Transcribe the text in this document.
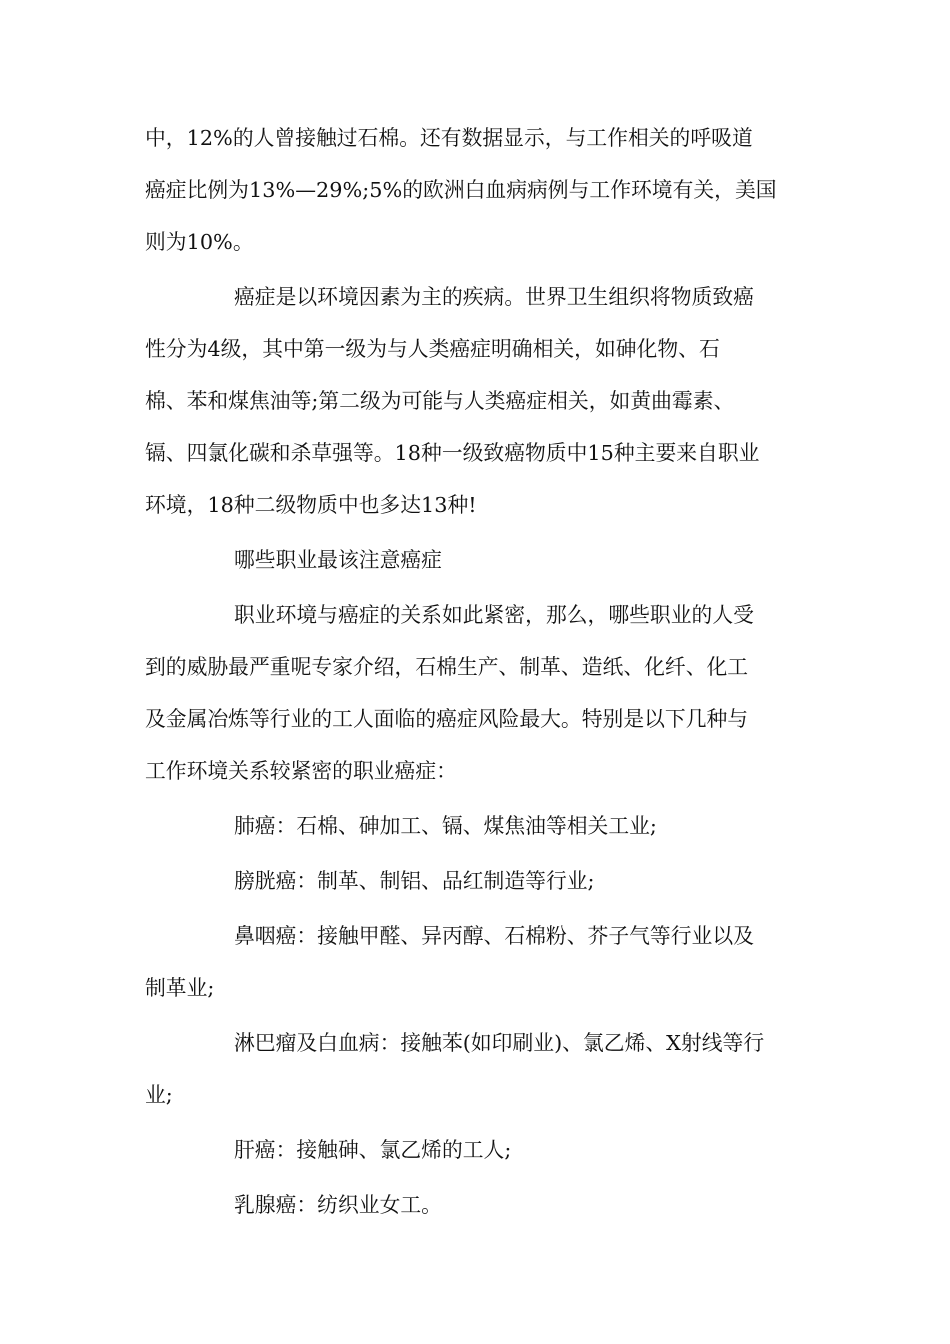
中，12%的人曾接触过石棉。还有数据显示，与工作相关的呼吸道
癌症比例为13%—29%;5%的欧洲白血病病例与工作环境有关，美国
则为10%。

癌症是以环境因素为主的疾病。世界卫生组织将物质致癌
性分为4级，其中第一级为与人类癌症明确相关，如砷化物、石
棉、苯和煤焦油等;第二级为可能与人类癌症相关，如黄曲霉素、
镉、四氯化碳和杀草强等。18种一级致癌物质中15种主要来自职业
环境，18种二级物质中也多达13种!

哪些职业最该注意癌症

职业环境与癌症的关系如此紧密，那么，哪些职业的人受
到的威胁最严重呢专家介绍，石棉生产、制革、造纸、化纤、化工
及金属冶炼等行业的工人面临的癌症风险最大。特别是以下几种与
工作环境关系较紧密的职业癌症：

肺癌：石棉、砷加工、镉、煤焦油等相关工业;

膀胱癌：制革、制铝、品红制造等行业;

鼻咽癌：接触甲醛、异丙醇、石棉粉、芥子气等行业以及
制革业;

淋巴瘤及白血病：接触苯(如印刷业)、氯乙烯、X射线等行
业;

肝癌：接触砷、氯乙烯的工人;

乳腺癌：纺织业女工。
